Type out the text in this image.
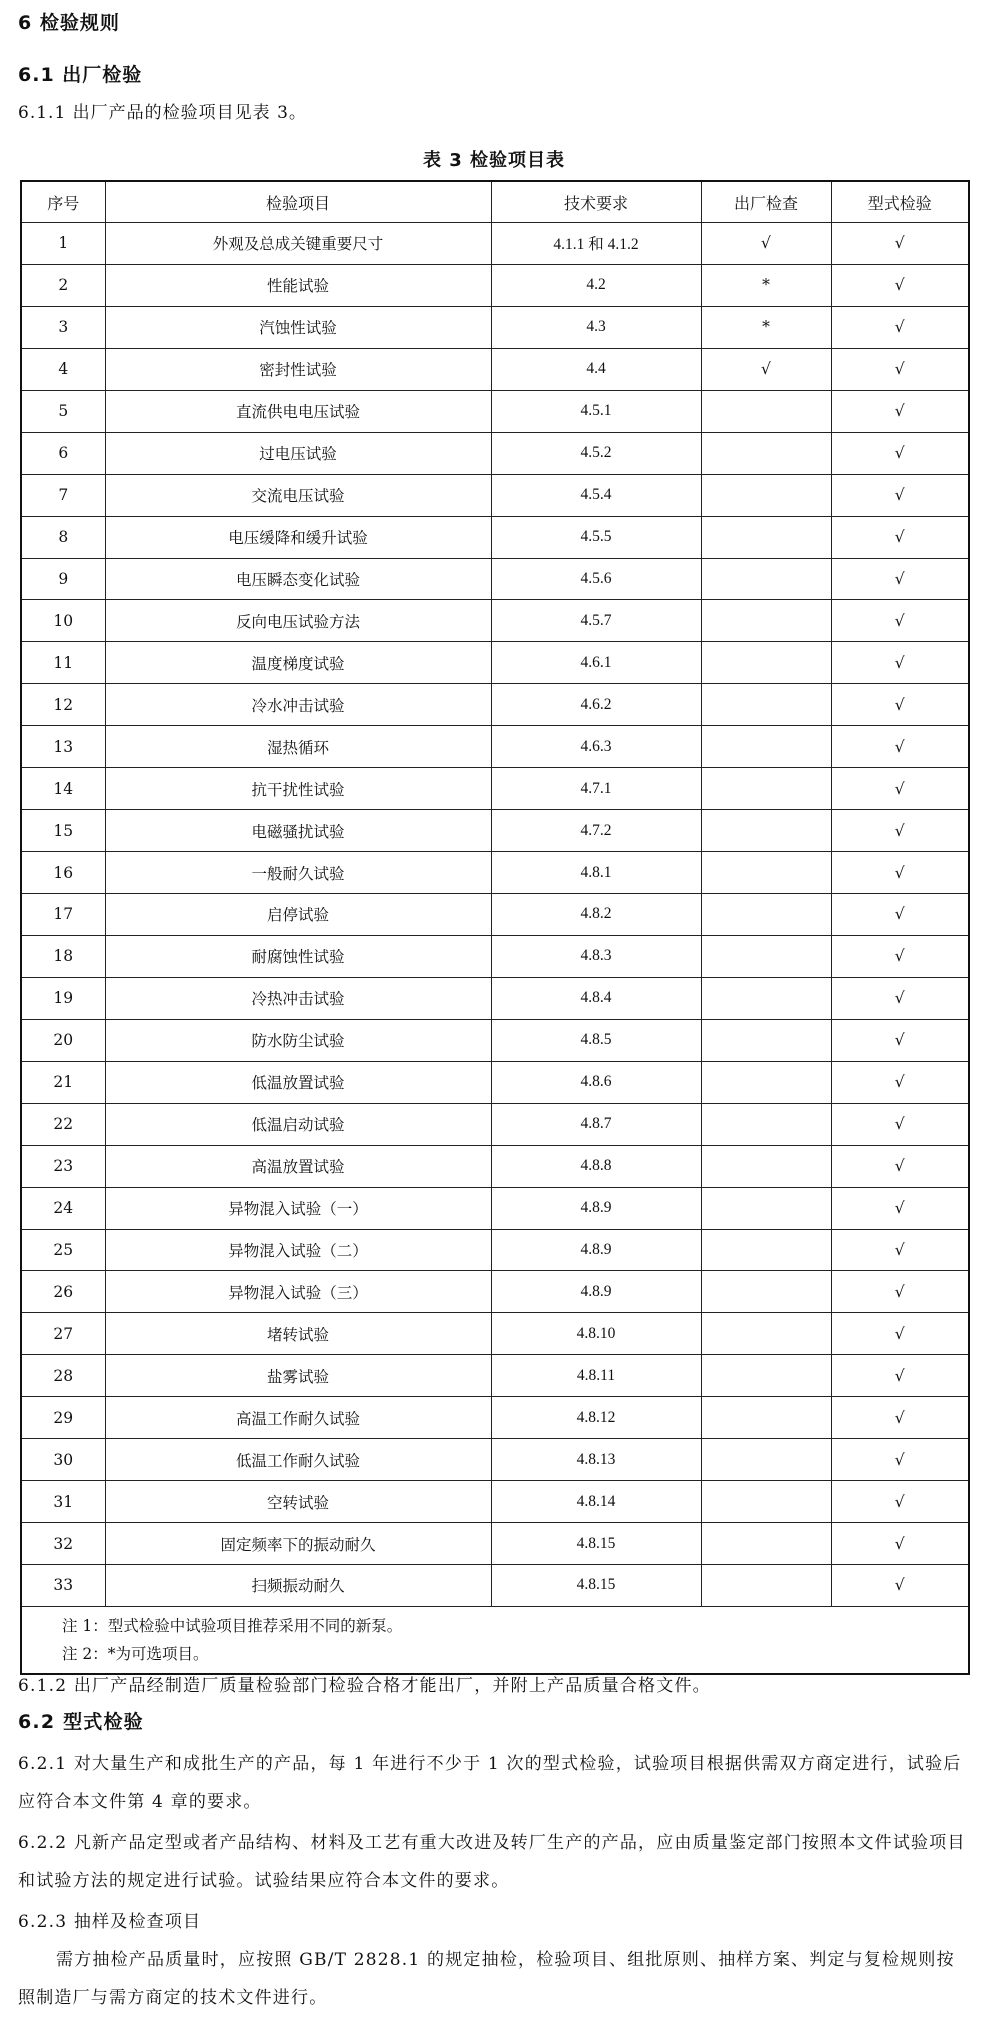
6 检验规则
6.1 出厂检验
6.1.1 出厂产品的检验项目见表 3。
表 3 检验项目表
序号	检验项目	技术要求	出厂检查	型式检验
1	外观及总成关键重要尺寸	4.1.1 和 4.1.2	√	√
2	性能试验	4.2	*	√
3	汽蚀性试验	4.3	*	√
4	密封性试验	4.4	√	√
5	直流供电电压试验	4.5.1		√
6	过电压试验	4.5.2		√
7	交流电压试验	4.5.4		√
8	电压缓降和缓升试验	4.5.5		√
9	电压瞬态变化试验	4.5.6		√
10	反向电压试验方法	4.5.7		√
11	温度梯度试验	4.6.1		√
12	冷水冲击试验	4.6.2		√
13	湿热循环	4.6.3		√
14	抗干扰性试验	4.7.1		√
15	电磁骚扰试验	4.7.2		√
16	一般耐久试验	4.8.1		√
17	启停试验	4.8.2		√
18	耐腐蚀性试验	4.8.3		√
19	冷热冲击试验	4.8.4		√
20	防水防尘试验	4.8.5		√
21	低温放置试验	4.8.6		√
22	低温启动试验	4.8.7		√
23	高温放置试验	4.8.8		√
24	异物混入试验（一）	4.8.9		√
25	异物混入试验（二）	4.8.9		√
26	异物混入试验（三）	4.8.9		√
27	堵转试验	4.8.10		√
28	盐雾试验	4.8.11		√
29	高温工作耐久试验	4.8.12		√
30	低温工作耐久试验	4.8.13		√
31	空转试验	4.8.14		√
32	固定频率下的振动耐久	4.8.15		√
33	扫频振动耐久	4.8.15		√

注 1：型式检验中试验项目推荐采用不同的新泵。
注 2：*为可选项目。				
6.1.2 出厂产品经制造厂质量检验部门检验合格才能出厂，并附上产品质量合格文件。
6.2 型式检验
6.2.1 对大量生产和成批生产的产品，每 1 年进行不少于 1 次的型式检验，试验项目根据供需双方商定进行，试验后应符合本文件第 4 章的要求。
6.2.2 凡新产品定型或者产品结构、材料及工艺有重大改进及转厂生产的产品，应由质量鉴定部门按照本文件试验项目和试验方法的规定进行试验。试验结果应符合本文件的要求。
6.2.3 抽样及检查项目
需方抽检产品质量时，应按照 GB/T 2828.1 的规定抽检，检验项目、组批原则、抽样方案、判定与复检规则按照制造厂与需方商定的技术文件进行。
